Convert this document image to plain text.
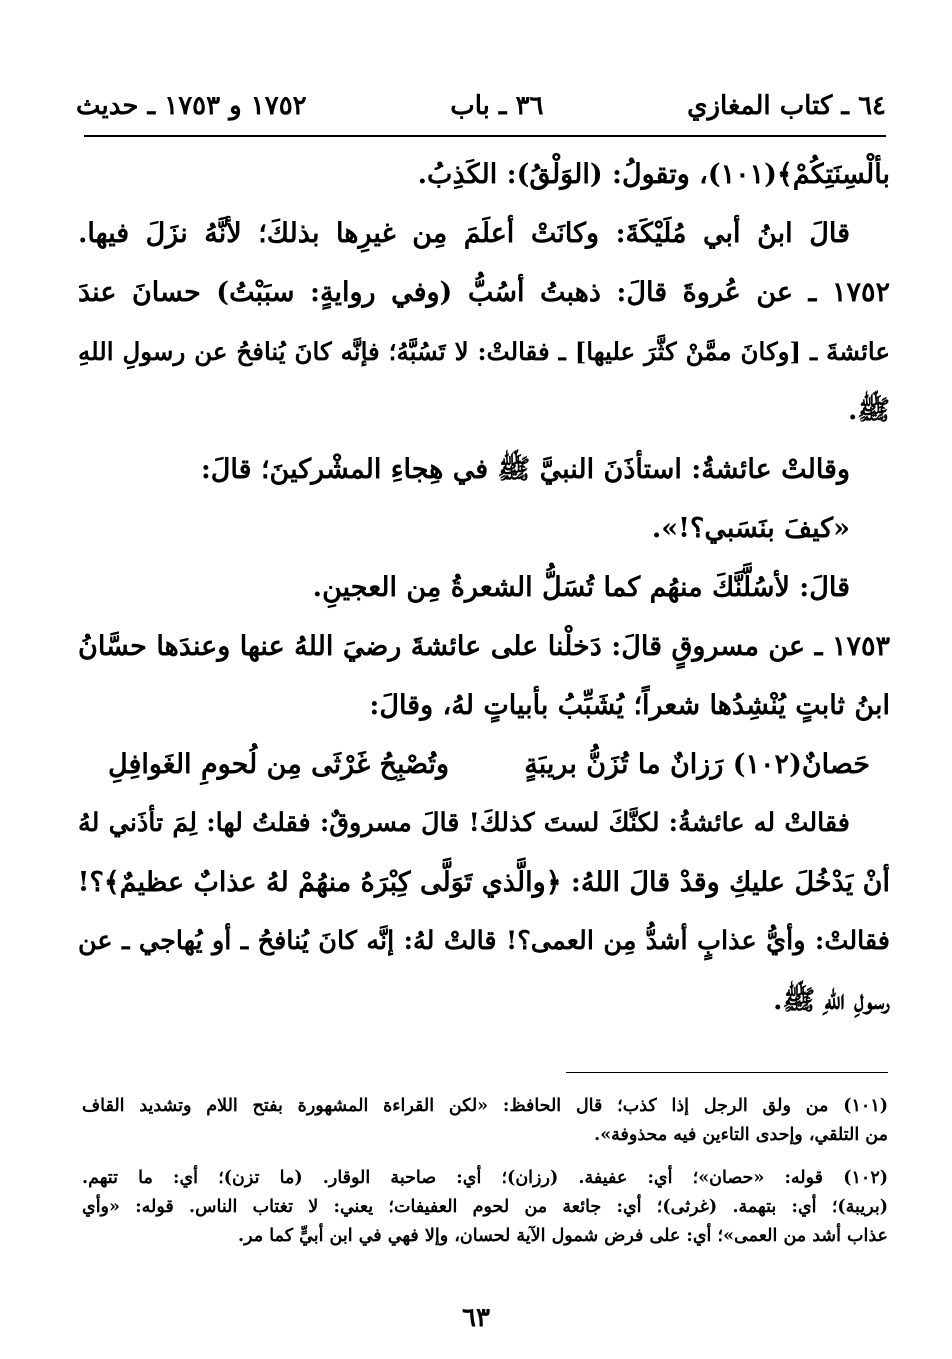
٦٤ ـ كتاب المغازي
٣٦ ـ باب
١٧٥٢ و ١٧٥٣ ـ حديث
بألْسِنَتِكُمْ﴾(١٠١)، وتقولُ: (الوَلْقُ): الكَذِبُ.
قالَ ابنُ أبي مُلَيْكَةَ: وكانَتْ أعلَمَ مِن غيرِها بذلكَ؛ لأنَّهُ نزَلَ فيها.
١٧٥٢ ـ عن عُروةَ قالَ: ذهبتُ أسُبُّ (وفي روايةٍ: سبَبْتُ) حسانَ عندَ
عائشةَ ـ [وكانَ ممَّنْ كثَّرَ عليها] ـ فقالتْ: لا تَسُبَّهُ؛ فإنَّه كانَ يُنافحُ عن رسولِ اللهِ
ﷺ.
وقالتْ عائشةُ: استأذَنَ النبيَّ ﷺ في هِجاءِ المشْركينَ؛ قالَ:
«كيفَ بنَسَبي؟!».
قالَ: لأسُلَّنَّكَ منهُم كما تُسَلُّ الشعرةُ مِن العجينِ.
١٧٥٣ ـ عن مسروقٍ قالَ: دَخلْنا على عائشةَ رضيَ اللهُ عنها وعندَها حسَّانُ
ابنُ ثابتٍ يُنْشِدُها شعراً؛ يُشَبِّبُ بأبياتٍ لهُ، وقالَ:
حَصانٌ(١٠٢) رَزانٌ ما تُزَنُّ بريبَةٍ
وتُصْبِحُ غَرْثَى مِن لُحومِ الغَوافِلِ
فقالتْ له عائشةُ: لكنَّكَ لستَ كذلكَ! قالَ مسروقٌ: فقلتُ لها: لِمَ تأذَني لهُ
أنْ يَدْخُلَ عليكِ وقدْ قالَ اللهُ: ﴿والَّذي تَوَلَّى كِبْرَهُ منهُمْ لهُ عذابٌ عظيمٌ﴾؟!
فقالتْ: وأيُّ عذابٍ أشدُّ مِن العمى؟! قالتْ لهُ: إنَّه كانَ يُنافحُ ـ أو يُهاجي ـ عن
رسولِ اللهِ ﷺ.
(١٠١) من ولق الرجل إذا كذب؛ قال الحافظ: «لكن القراءة المشهورة بفتح اللام وتشديد القاف
من التلقي، وإحدى التاءين فيه محذوفة».
(١٠٢) قوله: «حصان»؛ أي: عفيفة. (رزان)؛ أي: صاحبة الوقار. (ما تزن)؛ أي: ما تتهم.
(بريبة)؛ أي: بتهمة. (غرثى)؛ أي: جائعة من لحوم العفيفات؛ يعني: لا تغتاب الناس. قوله: «وأي
عذاب أشد من العمى»؛ أي: على فرض شمول الآية لحسان، وإلا فهي في ابن أبيٍّ كما مر.
٦٣
